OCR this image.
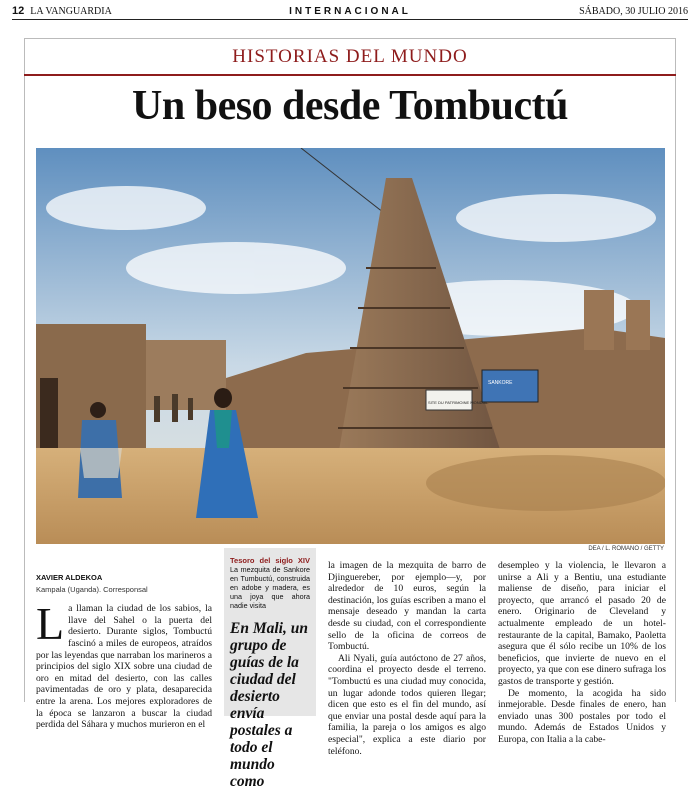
12 LA VANGUARDIA	INTERNACIONAL	SÁBADO, 30 JULIO 2016
HISTORIAS DEL MUNDO
Un beso desde Tombuctú
SITE DU PATRIMOINE MONDIAL
SANKORE
DEA / L. ROMANO / GETTY
XAVIER ALDEKOA
Kampala (Uganda). Corresponsal
L a llaman la ciudad de los sabios, la llave del Sahel o la puerta del desierto. Durante siglos, Tombuctú fascinó a miles de europeos, atraídos por las leyendas que narraban los marineros a principios del siglo XIX sobre una ciudad de oro en mitad del desierto, con las calles pavimentadas de oro y plata, desaparecida entre la arena. Los mejores exploradores de la época se lanzaron a buscar la ciudad perdida del Sáhara y muchos murieron en el
Tesoro del siglo XIV La mezquita de Sankore en Tumbuctú, construida en adobe y madera, es una joya que ahora nadie visita
En Mali, un grupo de guías de la ciudad del desierto envía postales a todo el mundo como

la imagen de la mezquita de barro de Djinguereber, por ejemplo—y, por alrededor de 10 euros, según la destinación, los guías escriben a mano el mensaje deseado y mandan la carta desde su ciudad, con el correspondiente sello de la oficina de correos de Tombuctú.

Ali Nyali, guía autóctono de 27 años, coordina el proyecto desde el terreno. "Tombuctú es una ciudad muy conocida, un lugar adonde todos quieren llegar; dicen que esto es el fin del mundo, así que enviar una postal desde aquí para la familia, la pareja o los amigos es algo especial", explica a este diario por teléfono.

desempleo y la violencia, le llevaron a unirse a Ali y a Bentiu, una estudiante maliense de diseño, para iniciar el proyecto, que arrancó el pasado 20 de enero. Originario de Cleveland y actualmente empleado de un hotel-restaurante de la capital, Bamako, Paoletta asegura que él sólo recibe un 10% de los beneficios, que invierte de nuevo en el proyecto, ya que con ese dinero sufraga los gastos de transporte y gestión.

De momento, la acogida ha sido inmejorable. Desde finales de enero, han enviado unas 300 postales por todo el mundo. Además de Estados Unidos y Europa, con Italia a la cabe-
